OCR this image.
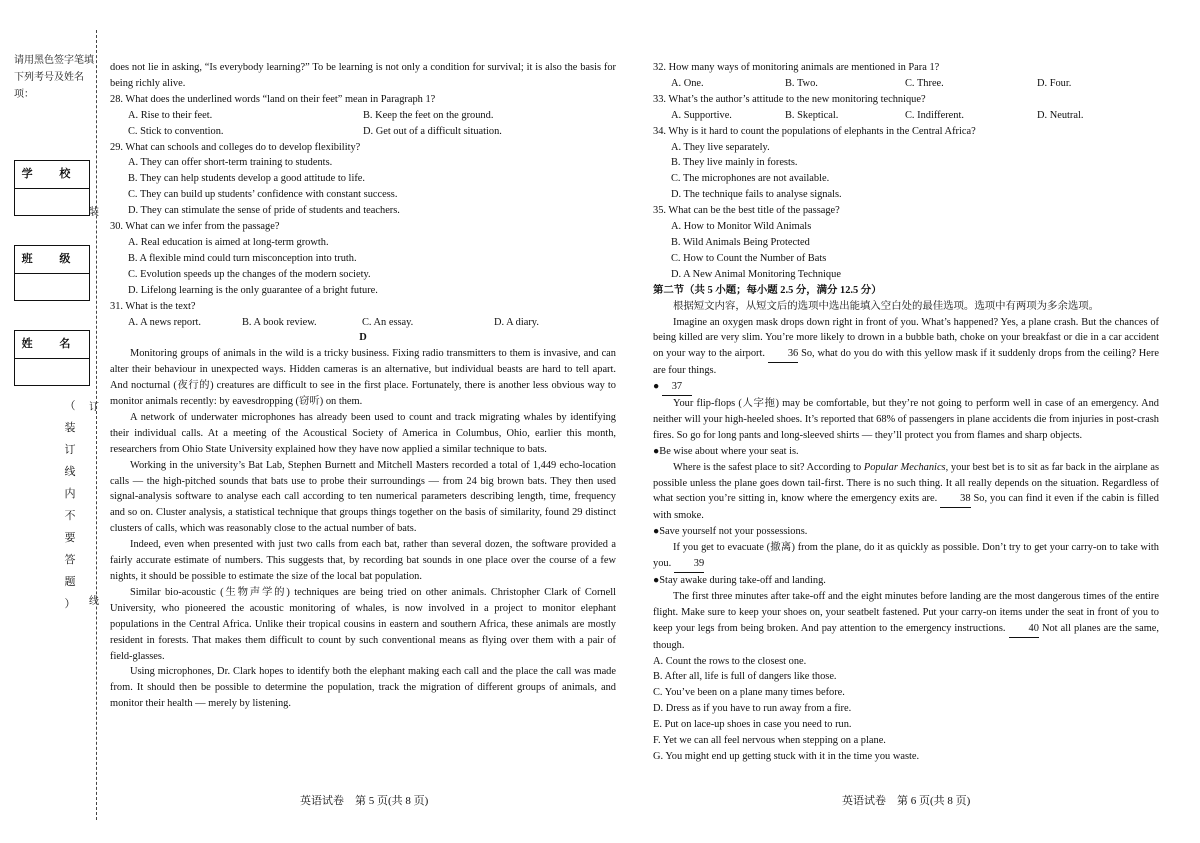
请用黑色签字笔填下列考号及姓名项：
学 校
班 级
姓 名
（
装
订
线
内
不
要
答
题
）
装
订
线

does not lie in asking, “Is everybody learning?” To be learning is not only a condition for survival; it is also the basis for being richly alive.

28. What does the underlined words “land on their feet” mean in Paragraph 1?

A. Rise to their feet.	B. Keep the feet on the ground.
C. Stick to convention.	D. Get out of a difficult situation.

29. What can schools and colleges do to develop flexibility?

A. They can offer short-term training to students.

B. They can help students develop a good attitude to life.

C. They can build up students’ confidence with constant success.

D. They can stimulate the sense of pride of students and teachers.

30. What can we infer from the passage?

A. Real education is aimed at long-term growth.

B. A flexible mind could turn misconception into truth.

C. Evolution speeds up the changes of the modern society.

D. Lifelong learning is the only guarantee of a bright future.

31. What is the text?

A. A news report.	B. A book review.	C. An essay.	D. A diary.

D

Monitoring groups of animals in the wild is a tricky business. Fixing radio transmitters to them is invasive, and can alter their behaviour in unexpected ways. Hidden cameras is an alternative, but individual beasts are hard to tell apart. And nocturnal (夜行的) creatures are difficult to see in the first place. Fortunately, there is another less obvious way to monitor animals recently: by eavesdropping (窃听) on them.

A network of underwater microphones has already been used to count and track migrating whales by identifying their individual calls. At a meeting of the Acoustical Society of America in Columbus, Ohio, earlier this month, researchers from Ohio State University explained how they have now applied a similar technique to bats.

Working in the university’s Bat Lab, Stephen Burnett and Mitchell Masters recorded a total of 1,449 echo-location calls — the high-pitched sounds that bats use to probe their surroundings — from 24 big brown bats. They then used signal-analysis software to analyse each call according to ten numerical parameters describing length, time, frequency and so on. Cluster analysis, a statistical technique that groups things together on the basis of similarity, found 29 distinct clusters of calls, which was reasonably close to the actual number of bats.

Indeed, even when presented with just two calls from each bat, rather than several dozen, the software provided a fairly accurate estimate of numbers. This suggests that, by recording bat sounds in one place over the course of a few nights, it should be possible to estimate the size of the local bat population.

Similar bio-acoustic (生物声学的) techniques are being tried on other animals. Christopher Clark of Cornell University, who pioneered the acoustic monitoring of whales, is now involved in a project to monitor elephant populations in the Central Africa. Unlike their tropical cousins in eastern and southern Africa, these animals are mostly resident in forests. That makes them difficult to count by such conventional means as flying over them with a pair of field-glasses.

Using microphones, Dr. Clark hopes to identify both the elephant making each call and the place the call was made from. It should then be possible to determine the population, track the migration of different groups of animals, and monitor their health — merely by listening.

英语试卷　第 5 页(共 8 页)

32. How many ways of monitoring animals are mentioned in Para 1?

A. One.	B. Two.	C. Three.	D. Four.

33. What’s the author’s attitude to the new monitoring technique?

A. Supportive.	B. Skeptical.	C. Indifferent.	D. Neutral.

34. Why is it hard to count the populations of elephants in the Central Africa?

A. They live separately.

B. They live mainly in forests.

C. The microphones are not available.

D. The technique fails to analyse signals.

35. What can be the best title of the passage?

A. How to Monitor Wild Animals

B. Wild Animals Being Protected

C. How to Count the Number of Bats

D. A New Animal Monitoring Technique

第二节（共 5 小题；每小题 2.5 分，满分 12.5 分）

根据短文内容，从短文后的选项中选出能填入空白处的最佳选项。选项中有两项为多余选项。

Imagine an oxygen mask drops down right in front of you. What’s happened? Yes, a plane crash. But the chances of being killed are very slim. You’re more likely to drown in a bubble bath, choke on your breakfast or die in a car accident on your way to the airport. 36 So, what do you do with this yellow mask if it suddenly drops from the ceiling? Here are four things.

● 37

Your flip-flops (人字拖) may be comfortable, but they’re not going to perform well in case of an emergency. And neither will your high-heeled shoes. It’s reported that 68% of passengers in plane accidents die from injuries in post-crash fires. So go for long pants and long-sleeved shirts — they’ll protect you from flames and sharp objects.

●Be wise about where your seat is.

Where is the safest place to sit? According to Popular Mechanics, your best bet is to sit as far back in the airplane as possible unless the plane goes down tail-first. There is no such thing. It all really depends on the situation. Regardless of what section you’re sitting in, know where the emergency exits are. 38 So, you can find it even if the cabin is filled with smoke.

●Save yourself not your possessions.

If you get to evacuate (撤离) from the plane, do it as quickly as possible. Don’t try to get your carry-on to take with you. 39

●Stay awake during take-off and landing.

The first three minutes after take-off and the eight minutes before landing are the most dangerous times of the entire flight. Make sure to keep your shoes on, your seatbelt fastened. Put your carry-on items under the seat in front of you to keep your legs from being broken. And pay attention to the emergency instructions. 40 Not all planes are the same, though.

A. Count the rows to the closest one.

B. After all, life is full of dangers like those.

C. You’ve been on a plane many times before.

D. Dress as if you have to run away from a fire.

E. Put on lace-up shoes in case you need to run.

F. Yet we can all feel nervous when stepping on a plane.

G. You might end up getting stuck with it in the time you waste.

英语试卷　第 6 页(共 8 页)
